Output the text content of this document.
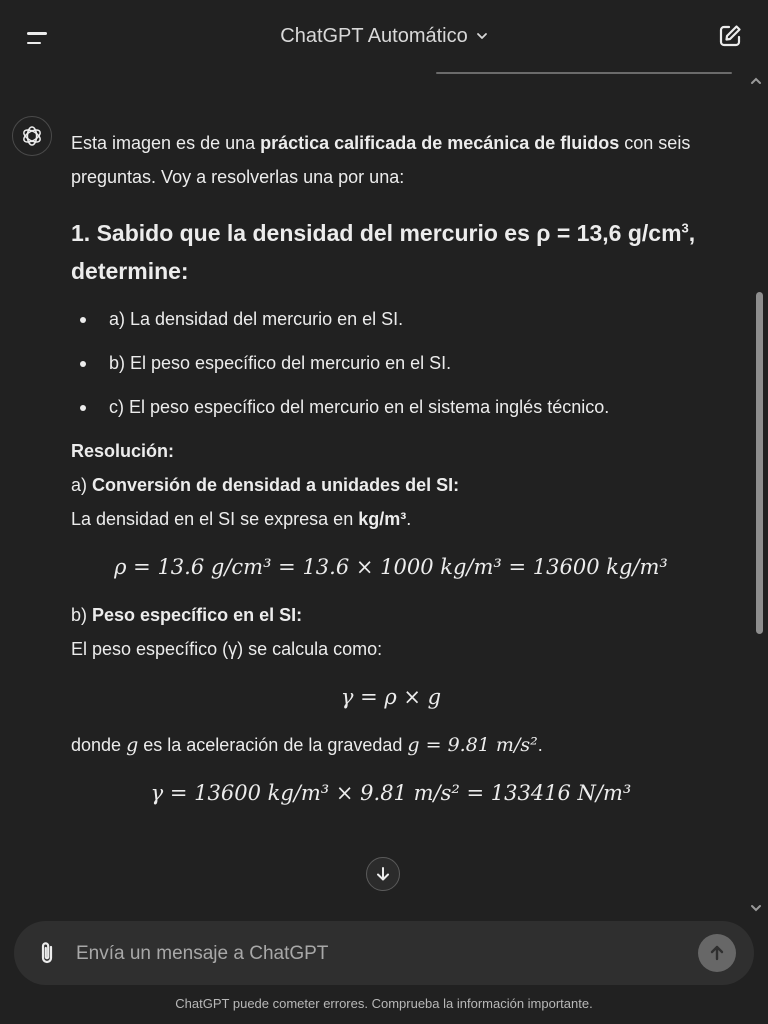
ChatGPT Automático

Esta imagen es de una práctica calificada de mecánica de fluidos con seis preguntas. Voy a resolverlas una por una:

1. Sabido que la densidad del mercurio es ρ = 13,6 $g/cm^3$, determine:
a) La densidad del mercurio en el SI.
b) El peso específico del mercurio en el SI.
c) El peso específico del mercurio en el sistema inglés técnico.

Resolución:

a) Conversión de densidad a unidades del SI:

La densidad en el SI se expresa en kg/m³.

ρ = 13.6 g/cm³ = 13.6 × 1000 kg/m³ = 13600 kg/m³

b) Peso específico en el SI:

El peso específico (γ) se calcula como:

γ = ρ × g

donde g es la aceleración de la gravedad g = 9.81 m/s².

γ = 13600 kg/m³ × 9.81 m/s² = 133416 N/m³
Envía un mensaje a ChatGPT
ChatGPT puede cometer errores. Comprueba la información importante.
